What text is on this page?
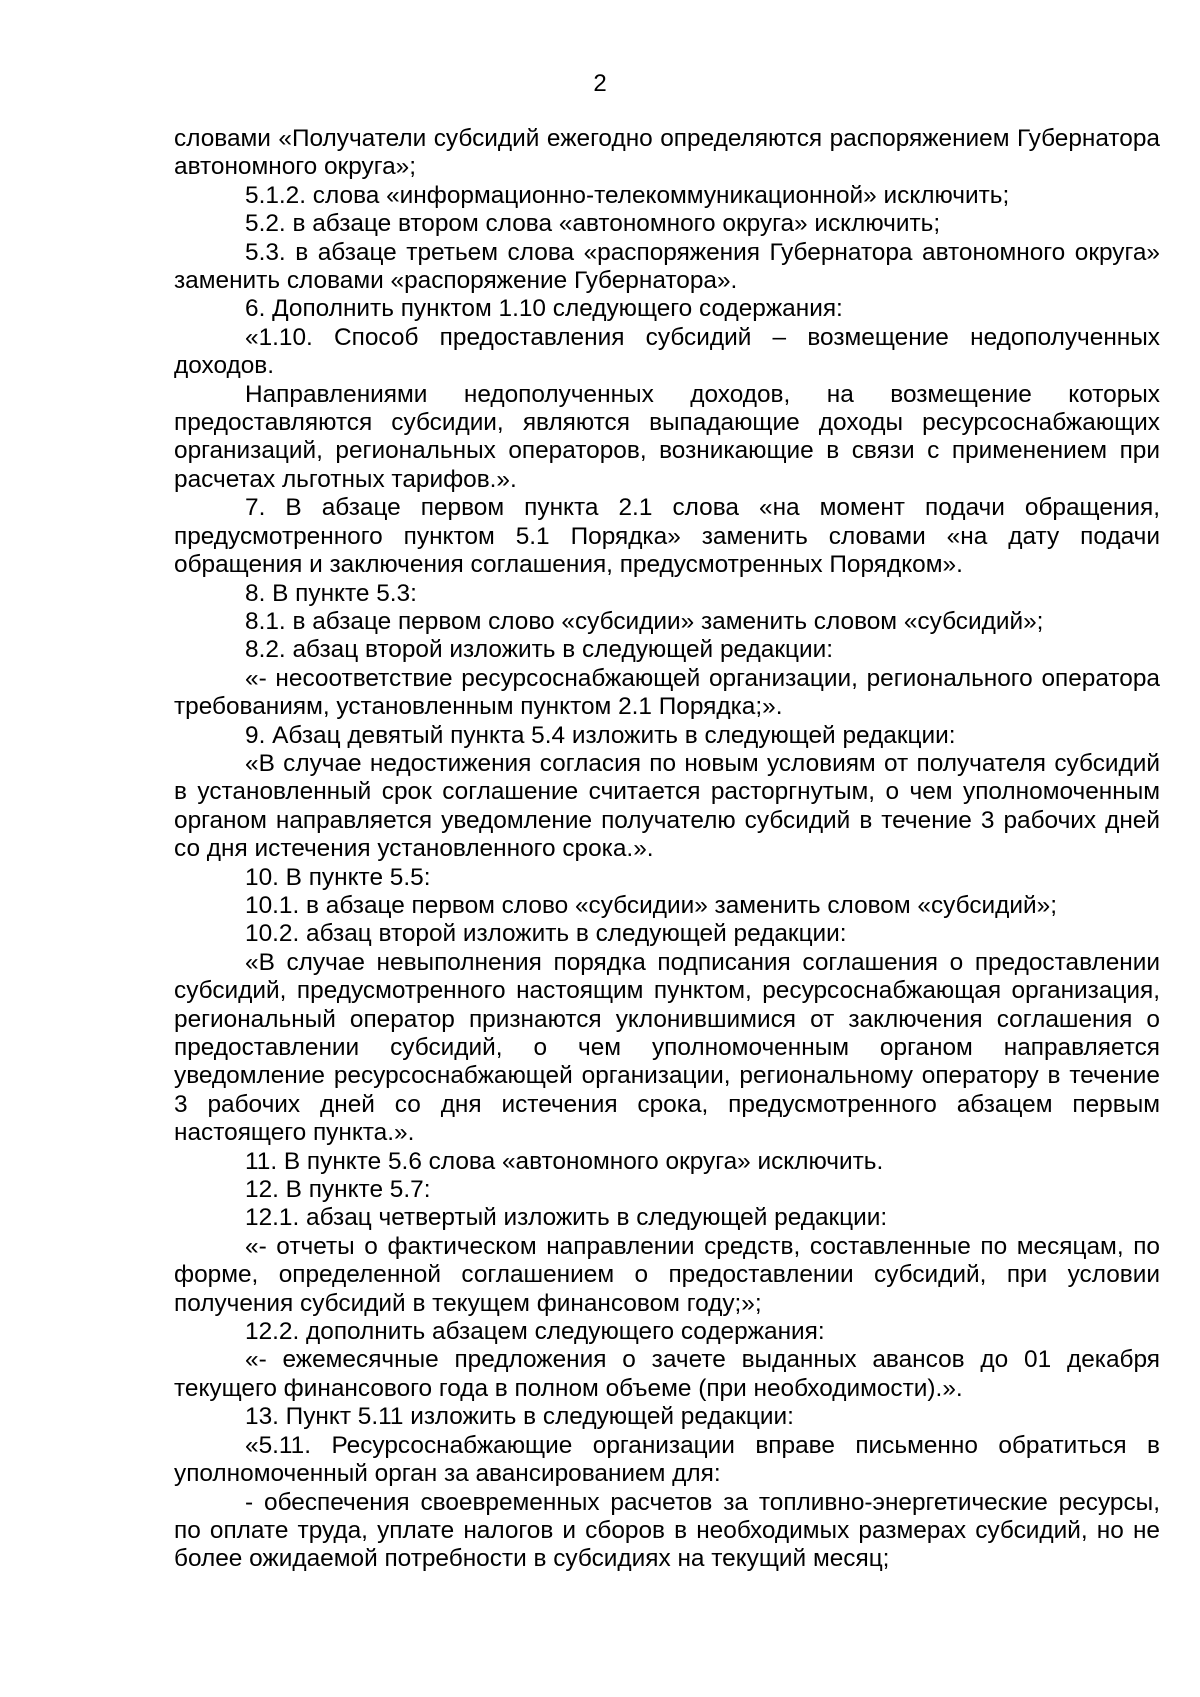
2

словами «Получатели субсидий ежегодно определяются распоряжением Губернатора автономного округа»;

5.1.2. слова «информационно-телекоммуникационной» исключить;

5.2. в абзаце втором слова «автономного округа» исключить;

5.3. в абзаце третьем слова «распоряжения Губернатора автономного округа» заменить словами «распоряжение Губернатора».

6. Дополнить пунктом 1.10 следующего содержания:

«1.10. Способ предоставления субсидий – возмещение недополученных доходов.

Направлениями недополученных доходов, на возмещение которых предоставляются субсидии, являются выпадающие доходы ресурсоснабжающих организаций, региональных операторов, возникающие в связи с применением при расчетах льготных тарифов.».

7. В абзаце первом пункта 2.1 слова «на момент подачи обращения, предусмотренного пунктом 5.1 Порядка» заменить словами «на дату подачи обращения и заключения соглашения, предусмотренных Порядком».

8. В пункте 5.3:

8.1. в абзаце первом слово «субсидии» заменить словом «субсидий»;

8.2. абзац второй изложить в следующей редакции:

«- несоответствие ресурсоснабжающей организации, регионального оператора требованиям, установленным пунктом 2.1 Порядка;».

9. Абзац девятый пункта 5.4 изложить в следующей редакции:

«В случае недостижения согласия по новым условиям от получателя субсидий в установленный срок соглашение считается расторгнутым, о чем уполномоченным органом направляется уведомление получателю субсидий в течение 3 рабочих дней со дня истечения установленного срока.».

10. В пункте 5.5:

10.1. в абзаце первом слово «субсидии» заменить словом «субсидий»;

10.2. абзац второй изложить в следующей редакции:

«В случае невыполнения порядка подписания соглашения о предоставлении субсидий, предусмотренного настоящим пунктом, ресурсоснабжающая организация, региональный оператор признаются уклонившимися от заключения соглашения о предоставлении субсидий, о чем уполномоченным органом направляется уведомление ресурсоснабжающей организации, региональному оператору в течение 3 рабочих дней со дня истечения срока, предусмотренного абзацем первым настоящего пункта.».

11. В пункте 5.6 слова «автономного округа» исключить.

12. В пункте 5.7:

12.1. абзац четвертый изложить в следующей редакции:

«- отчеты о фактическом направлении средств, составленные по месяцам, по форме, определенной соглашением о предоставлении субсидий, при условии получения субсидий в текущем финансовом году;»;

12.2. дополнить абзацем следующего содержания:

«- ежемесячные предложения о зачете выданных авансов до 01 декабря текущего финансового года в полном объеме (при необходимости).».

13. Пункт 5.11 изложить в следующей редакции:

«5.11. Ресурсоснабжающие организации вправе письменно обратиться в уполномоченный орган за авансированием для:

- обеспечения своевременных расчетов за топливно-энергетические ресурсы, по оплате труда, уплате налогов и сборов в необходимых размерах субсидий, но не более ожидаемой потребности в субсидиях на текущий месяц;
